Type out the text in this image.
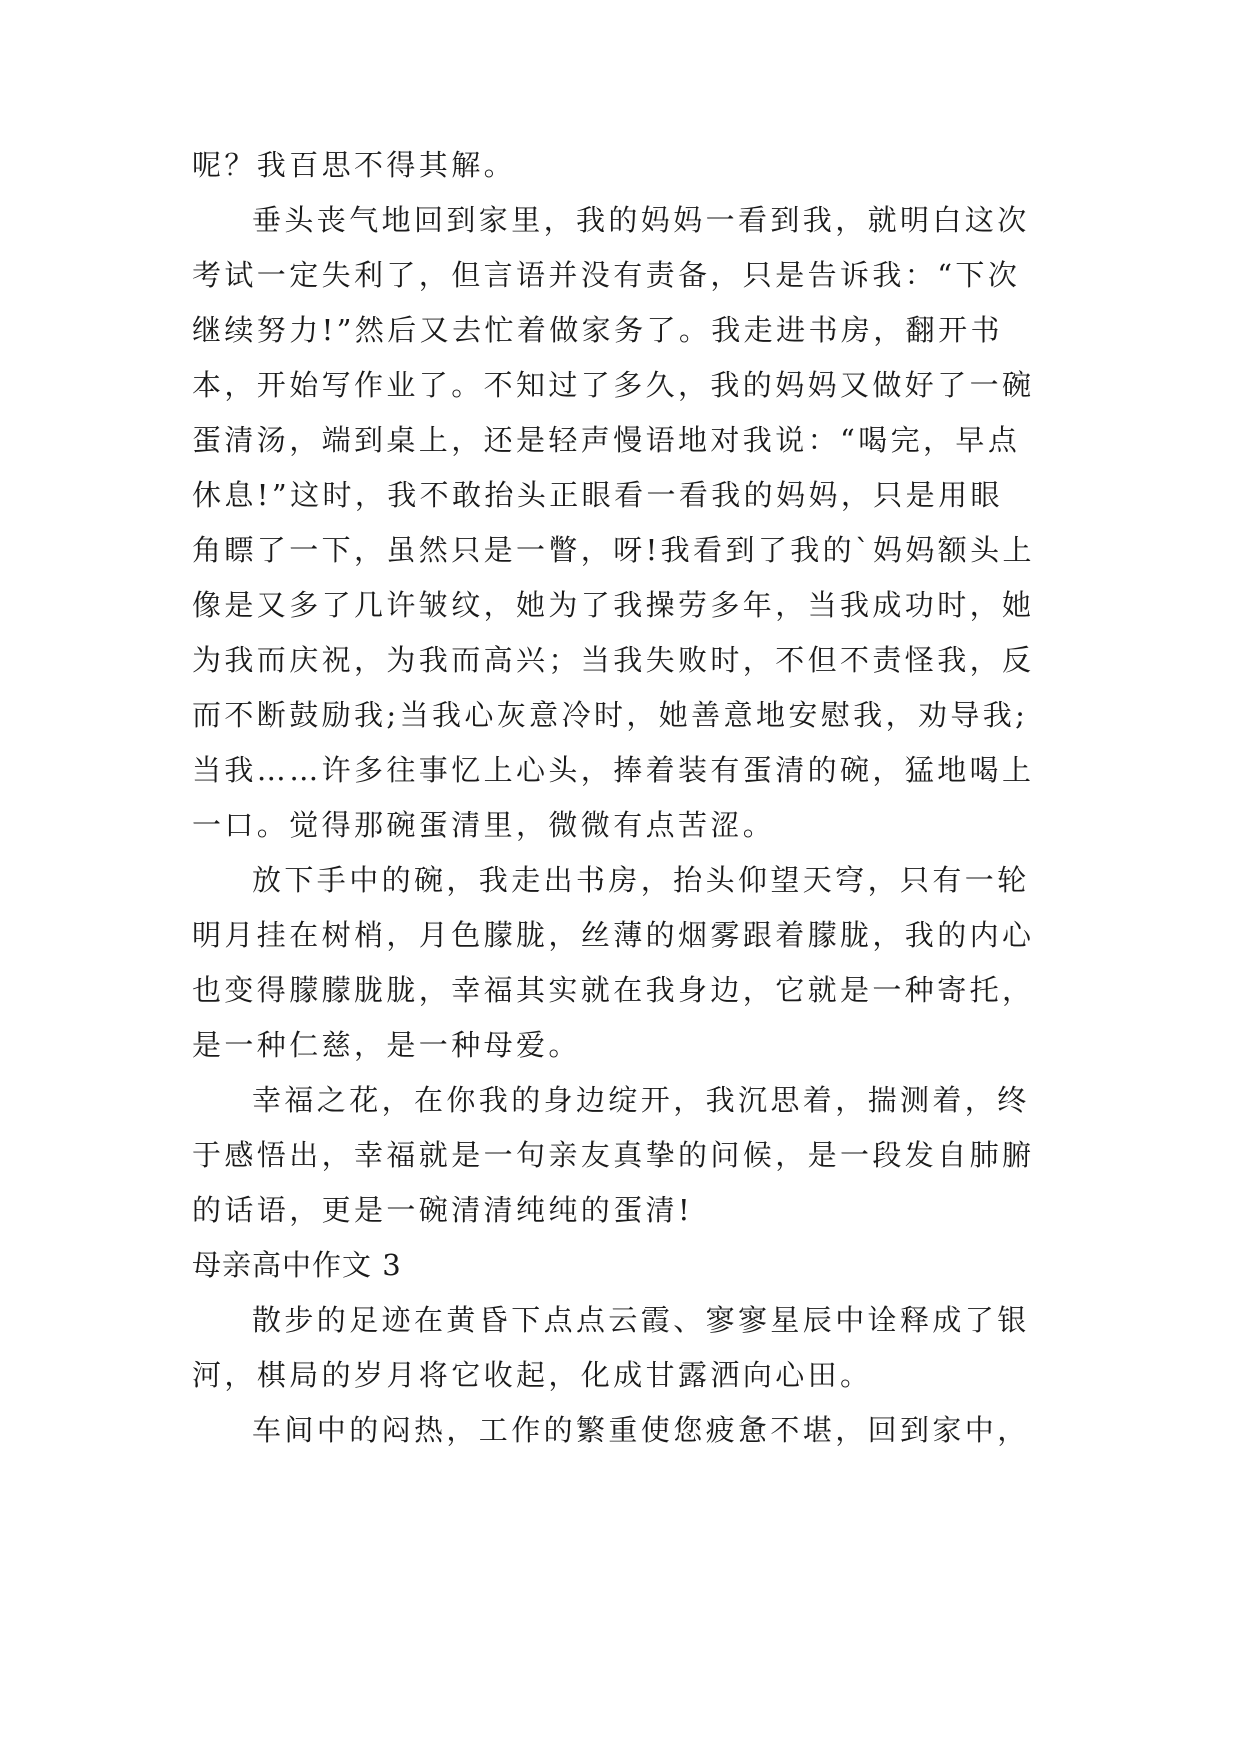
呢？我百思不得其解。
垂头丧气地回到家里，我的妈妈一看到我，就明白这次
考试一定失利了，但言语并没有责备，只是告诉我：“下次
继续努力!”然后又去忙着做家务了。我走进书房，翻开书
本，开始写作业了。不知过了多久，我的妈妈又做好了一碗
蛋清汤，端到桌上，还是轻声慢语地对我说：“喝完，早点
休息!”这时，我不敢抬头正眼看一看我的妈妈，只是用眼
角瞟了一下，虽然只是一瞥，呀!我看到了我的`妈妈额头上
像是又多了几许皱纹，她为了我操劳多年，当我成功时，她
为我而庆祝，为我而高兴；当我失败时，不但不责怪我，反
而不断鼓励我;当我心灰意冷时，她善意地安慰我，劝导我;
当我……许多往事忆上心头，捧着装有蛋清的碗，猛地喝上
一口。觉得那碗蛋清里，微微有点苦涩。
放下手中的碗，我走出书房，抬头仰望天穹，只有一轮
明月挂在树梢，月色朦胧，丝薄的烟雾跟着朦胧，我的内心
也变得朦朦胧胧，幸福其实就在我身边，它就是一种寄托，
是一种仁慈，是一种母爱。
幸福之花，在你我的身边绽开，我沉思着，揣测着，终
于感悟出，幸福就是一句亲友真挚的问候，是一段发自肺腑
的话语，更是一碗清清纯纯的蛋清!
母亲高中作文 3
散步的足迹在黄昏下点点云霞、寥寥星辰中诠释成了银
河，棋局的岁月将它收起，化成甘露洒向心田。
车间中的闷热，工作的繁重使您疲惫不堪，回到家中，
